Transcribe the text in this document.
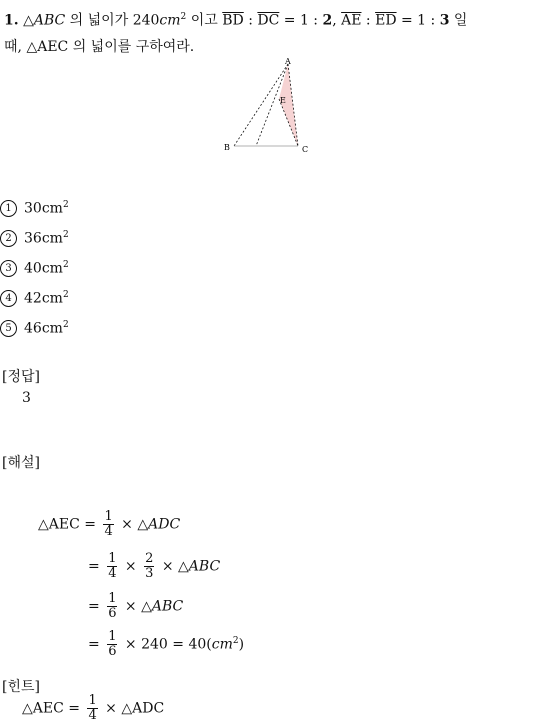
1. △ABC 의 넓이가 $240cm^2$ 이고 $\overline{BD}$ : $\overline{DC} = 1$ : 2, $\overline{AE}$ : $\overline{ED} = 1$ : 3 일
때, △AEC 의 넓이를 구하여라.
A
E
B	C
1 $30cm^2$
2 $36cm^2$
3 $40cm^2$
4 $42cm^2$
5 $46cm^2$
[정답]
3
[해설]
△AEC = $\frac{1}{4}$ × △ADC
= $\frac{1}{4} \times \frac{2}{3}$ × △ABC
= $\frac{1}{6}$ × △ABC
= $\frac{1}{6} \times 240 = 40(cm^2)$
[힌트]
△AEC = $\frac{1}{4}$ × △ADC
